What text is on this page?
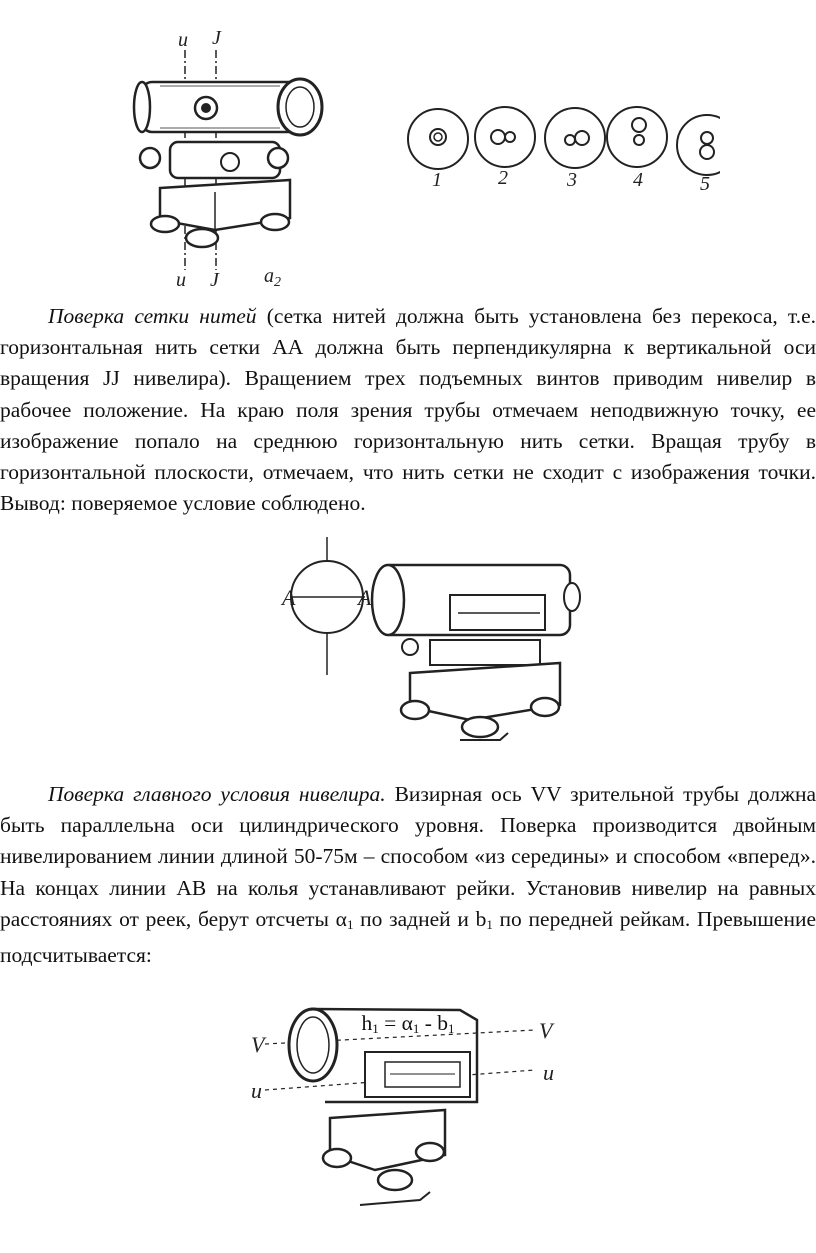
u J
u J $a_2$
1	2	3	4	5
Поверка сетки нитей (сетка нитей должна быть установлена без перекоса, т.е. горизонтальная нить сетки АА должна быть перпендикулярна к вертикальной оси вращения JJ нивелира). Вращением трех подъемных винтов приводим нивелир в рабочее положение. На краю поля зрения трубы отмечаем неподвижную точку, ее изображение попало на среднюю горизонтальную нить сетки. Вращая трубу в горизонтальной плоскости, отмечаем, что нить сетки не сходит с изображения точки. Вывод: поверяемое условие соблюдено.
A	A
Поверка главного условия нивелира. Визирная ось VV зрительной трубы должна быть параллельна оси цилиндрического уровня. Поверка производится двойным нивелированием линии длиной 50-75м – способом «из середины» и способом «вперед». На концах линии АВ на колья устанавливают рейки. Установив нивелир на равных расстояниях от реек, берут отсчеты $\alpha_1$ по задней и $b_1$ по передней рейкам. Превышение подсчитывается:
$h_1 = \alpha_1 - b_1$
V
V
u
u
